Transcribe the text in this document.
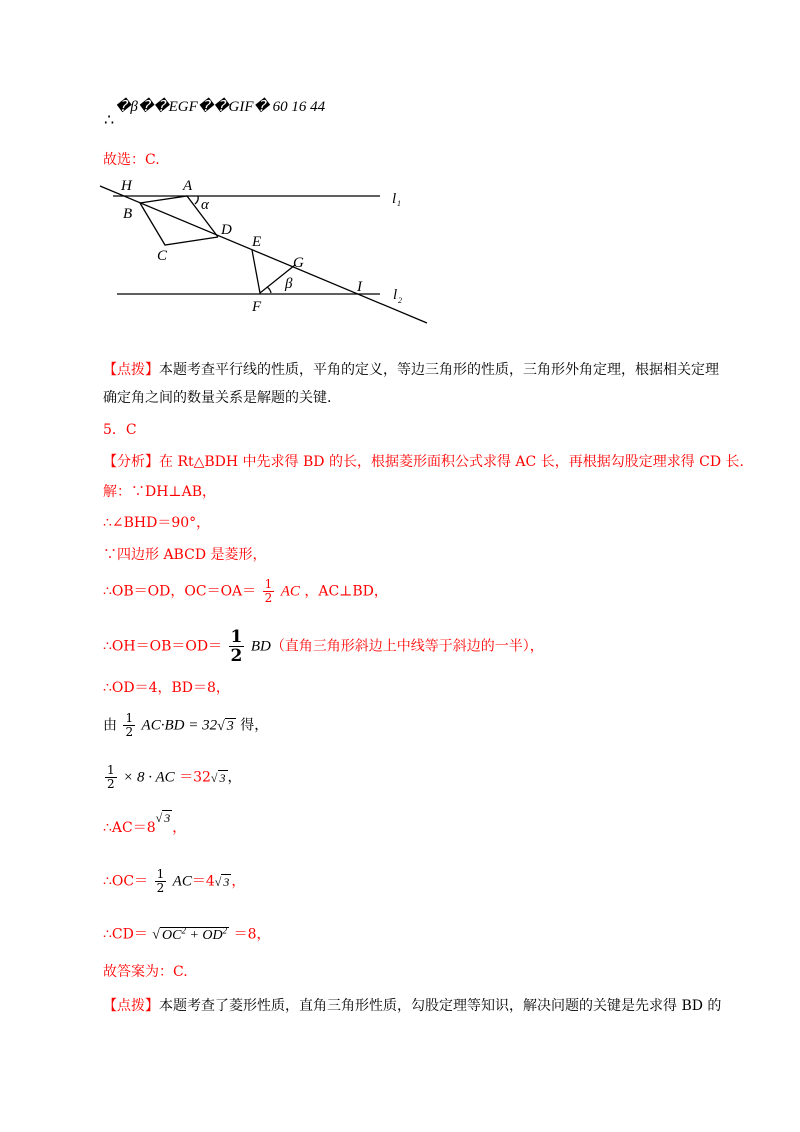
�β��EGF��GIF� 60 16 44
∴
故选：C.
H	A
α
B
D
C
E
G
β	I
F
l 1
l 2
【点拨】本题考查平行线的性质，平角的定义，等边三角形的性质，三角形外角定理，根据相关定理确定角之间的数量关系是解题的关键.
5．C
【分析】在 Rt△BDH 中先求得 BD 的长，根据菱形面积公式求得 AC 长，再根据勾股定理求得 CD 长.
解：∵DH⊥AB，
∴∠BHD＝90°，
∵四边形 ABCD 是菱形，
∴OB＝OD，$OC=OA= \frac{1}{2}$ AC ，AC⊥BD，
∴OH＝OB＝OD＝ $\frac{1}{2} BD$（直角三角形斜边上中线等于斜边的一半），
∴OD＝4，BD＝8，
由 $\frac{1}{2} AC\cdot BD = 32√$ 3 得，
$\frac{1}{2} \times 8$ · AC ＝32√ 3 ，
∴AC＝8√ 3，
∴OC＝ $\frac{1}{2} AC=4√$ 3 ，
∴CD＝ √ $OC^2 + OD^2 =8$，
故答案为：C.
【点拨】本题考查了菱形性质，直角三角形性质，勾股定理等知识，解决问题的关键是先求得 BD 的
